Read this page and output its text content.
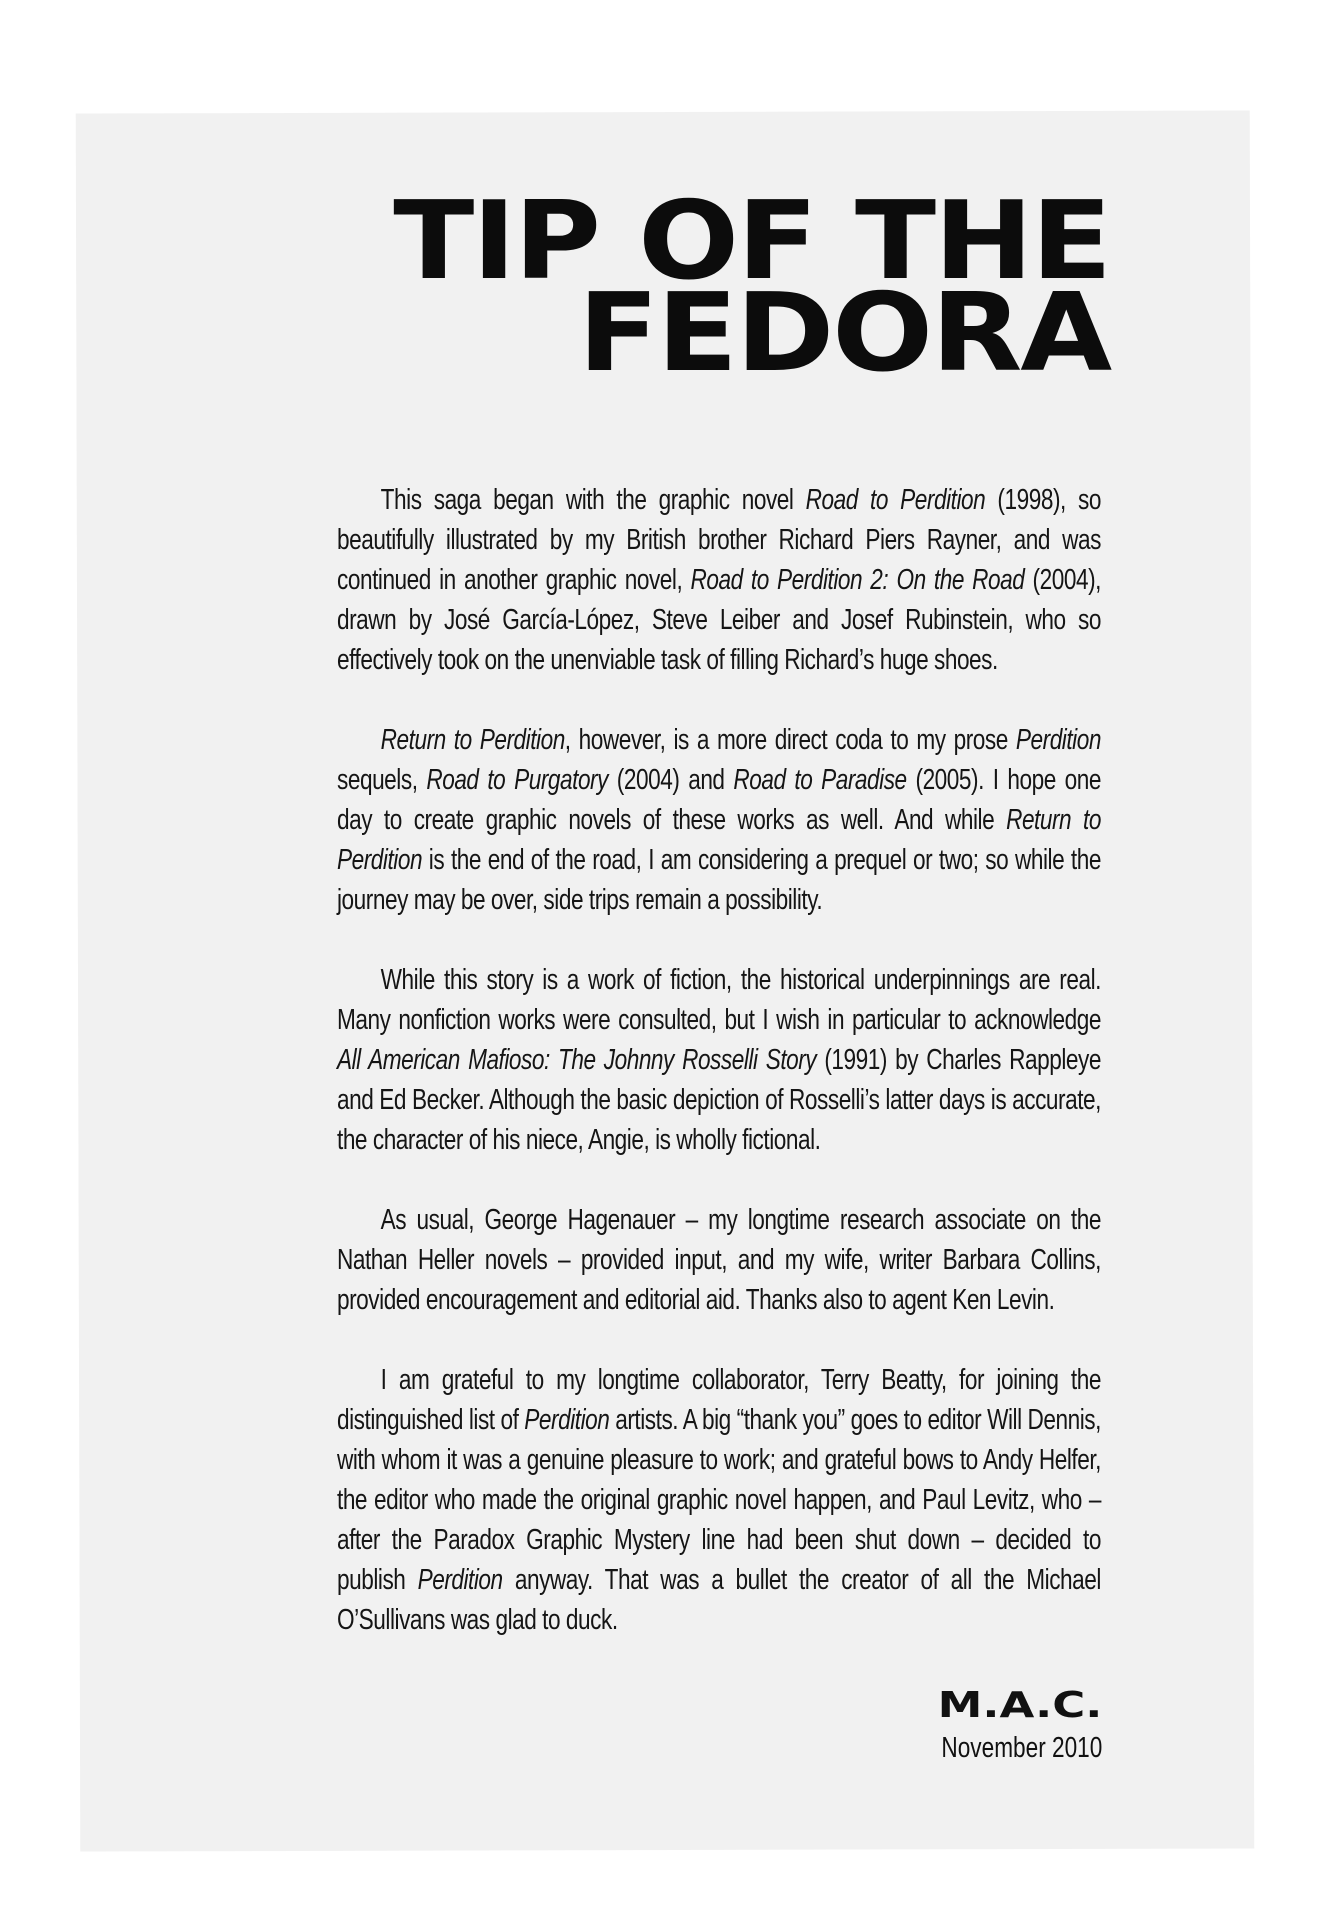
TIP OF THE
FEDORA

This saga began with the graphic novel Road to Perdition (1998), so beautifully illustrated by my British brother Richard Piers Rayner, and was continued in another graphic novel, Road to Perdition 2: On the Road (2004), drawn by José García-López, Steve Leiber and Josef Rubinstein, who so effectively took on the unenviable task of filling Richard’s huge shoes.

Return to Perdition, however, is a more direct coda to my prose Perdition sequels, Road to Purgatory (2004) and Road to Paradise (2005). I hope one day to create graphic novels of these works as well. And while Return to Perdition is the end of the road, I am considering a prequel or two; so while the journey may be over, side trips remain a possibility.

While this story is a work of fiction, the historical underpinnings are real. Many nonfiction works were consulted, but I wish in particular to acknowledge All American Mafioso: The Johnny Rosselli Story (1991) by Charles Rappleye and Ed Becker. Although the basic depiction of Rosselli’s latter days is accurate, the character of his niece, Angie, is wholly fictional.

As usual, George Hagenauer – my longtime research associate on the Nathan Heller novels – provided input, and my wife, writer Barbara Collins, provided encouragement and editorial aid. Thanks also to agent Ken Levin.

I am grateful to my longtime collaborator, Terry Beatty, for joining the distinguished list of Perdition artists. A big “thank you” goes to editor Will Dennis, with whom it was a genuine pleasure to work; and grateful bows to Andy Helfer, the editor who made the original graphic novel happen, and Paul Levitz, who – after the Paradox Graphic Mystery line had been shut down – decided to publish Perdition anyway. That was a bullet the creator of all the Michael O’Sullivans was glad to duck.

M.A.C.
November 2010
